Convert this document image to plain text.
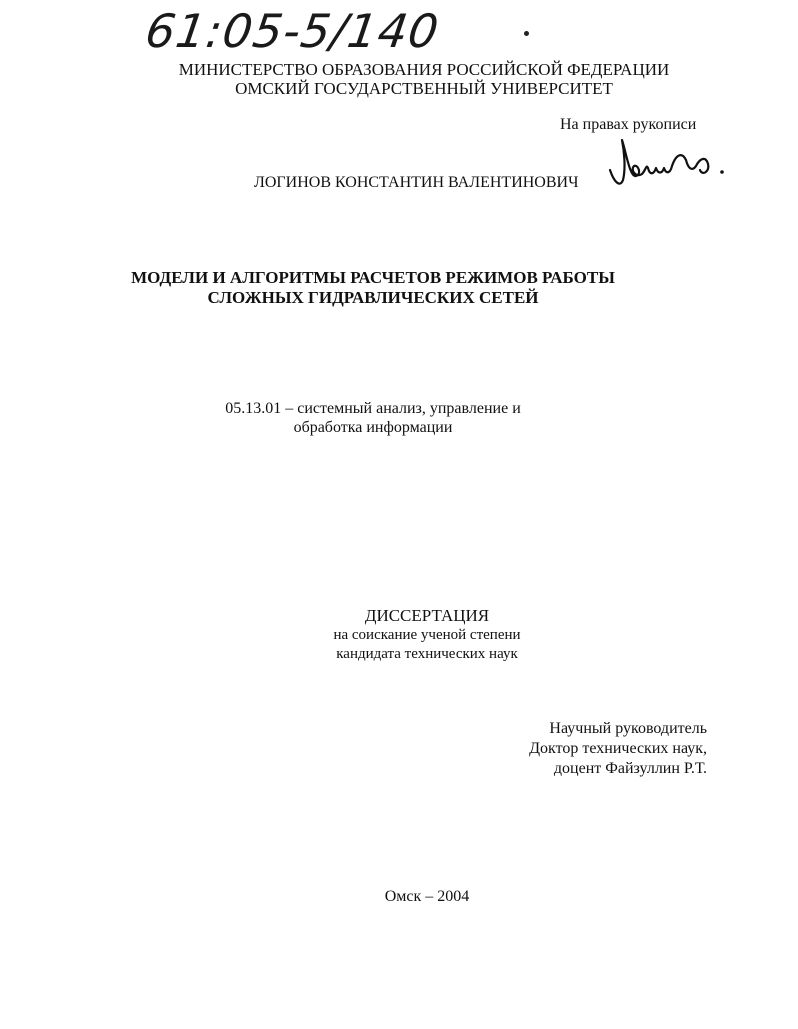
61:05-5/140
МИНИСТЕРСТВО ОБРАЗОВАНИЯ РОССИЙСКОЙ ФЕДЕРАЦИИ
ОМСКИЙ ГОСУДАРСТВЕННЫЙ УНИВЕРСИТЕТ
На правах рукописи
ЛОГИНОВ КОНСТАНТИН ВАЛЕНТИНОВИЧ
МОДЕЛИ И АЛГОРИТМЫ РАСЧЕТОВ РЕЖИМОВ РАБОТЫ
СЛОЖНЫХ ГИДРАВЛИЧЕСКИХ СЕТЕЙ
05.13.01 – системный анализ, управление и
обработка информации
ДИССЕРТАЦИЯ
на соискание ученой степени
кандидата технических наук
Научный руководитель
Доктор технических наук,
доцент Файзуллин Р.Т.
Омск – 2004
